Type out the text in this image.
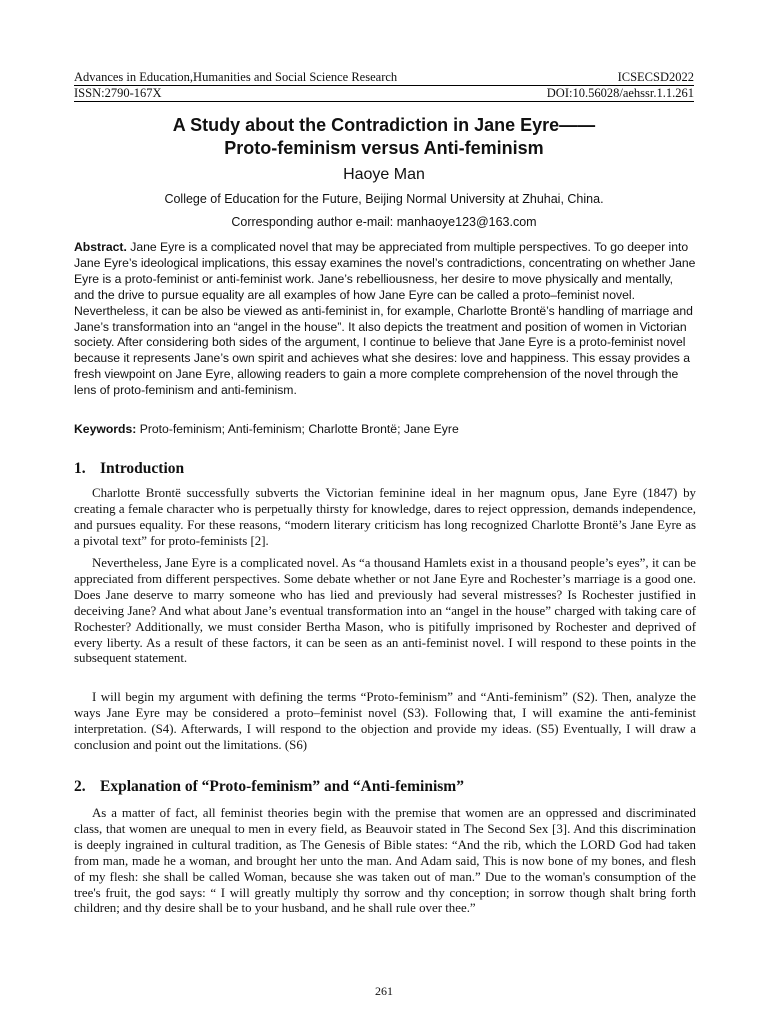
Advances in Education,Humanities and Social Science Research	ICSECSD2022
ISSN:2790-167X	DOI:10.56028/aehssr.1.1.261
A Study about the Contradiction in Jane Eyre——
Proto-feminism versus Anti-feminism
Haoye Man
College of Education for the Future, Beijing Normal University at Zhuhai, China.
Corresponding author e-mail: manhaoye123@163.com

Abstract. Jane Eyre is a complicated novel that may be appreciated from multiple perspectives. To go deeper into Jane Eyre’s ideological implications, this essay examines the novel’s contradictions, concentrating on whether Jane Eyre is a proto-feminist or anti-feminist work. Jane’s rebelliousness, her desire to move physically and mentally, and the drive to pursue equality are all examples of how Jane Eyre can be called a proto–feminist novel. Nevertheless, it can be also be viewed as anti-feminist in, for example, Charlotte Brontë’s handling of marriage and Jane’s transformation into an “angel in the house”. It also depicts the treatment and position of women in Victorian society. After considering both sides of the argument, I continue to believe that Jane Eyre is a proto-feminist novel because it represents Jane’s own spirit and achieves what she desires: love and happiness. This essay provides a fresh viewpoint on Jane Eyre, allowing readers to gain a more complete comprehension of the novel through the lens of proto-feminism and anti-feminism.

Keywords: Proto-feminism; Anti-feminism; Charlotte Brontë; Jane Eyre

1. Introduction

Charlotte Brontë successfully subverts the Victorian feminine ideal in her magnum opus, Jane Eyre (1847) by creating a female character who is perpetually thirsty for knowledge, dares to reject oppression, demands independence, and pursues equality. For these reasons, “modern literary criticism has long recognized Charlotte Brontë’s Jane Eyre as a pivotal text” for proto-feminists [2].

Nevertheless, Jane Eyre is a complicated novel. As “a thousand Hamlets exist in a thousand people’s eyes”, it can be appreciated from different perspectives. Some debate whether or not Jane Eyre and Rochester’s marriage is a good one. Does Jane deserve to marry someone who has lied and previously had several mistresses? Is Rochester justified in deceiving Jane? And what about Jane’s eventual transformation into an “angel in the house” charged with taking care of Rochester? Additionally, we must consider Bertha Mason, who is pitifully imprisoned by Rochester and deprived of every liberty. As a result of these factors, it can be seen as an anti-feminist novel. I will respond to these points in the subsequent statement.

I will begin my argument with defining the terms “Proto-feminism” and “Anti-feminism” (S2). Then, analyze the ways Jane Eyre may be considered a proto–feminist novel (S3). Following that, I will examine the anti-feminist interpretation. (S4). Afterwards, I will respond to the objection and provide my ideas. (S5) Eventually, I will draw a conclusion and point out the limitations. (S6)

2. Explanation of “Proto-feminism” and “Anti-feminism”

As a matter of fact, all feminist theories begin with the premise that women are an oppressed and discriminated class, that women are unequal to men in every field, as Beauvoir stated in The Second Sex [3]. And this discrimination is deeply ingrained in cultural tradition, as The Genesis of Bible states: “And the rib, which the LORD God had taken from man, made he a woman, and brought her unto the man. And Adam said, This is now bone of my bones, and flesh of my flesh: she shall be called Woman, because she was taken out of man.” Due to the woman's consumption of the tree's fruit, the god says: “ I will greatly multiply thy sorrow and thy conception; in sorrow though shalt bring forth children; and thy desire shall be to your husband, and he shall rule over thee.”

261
